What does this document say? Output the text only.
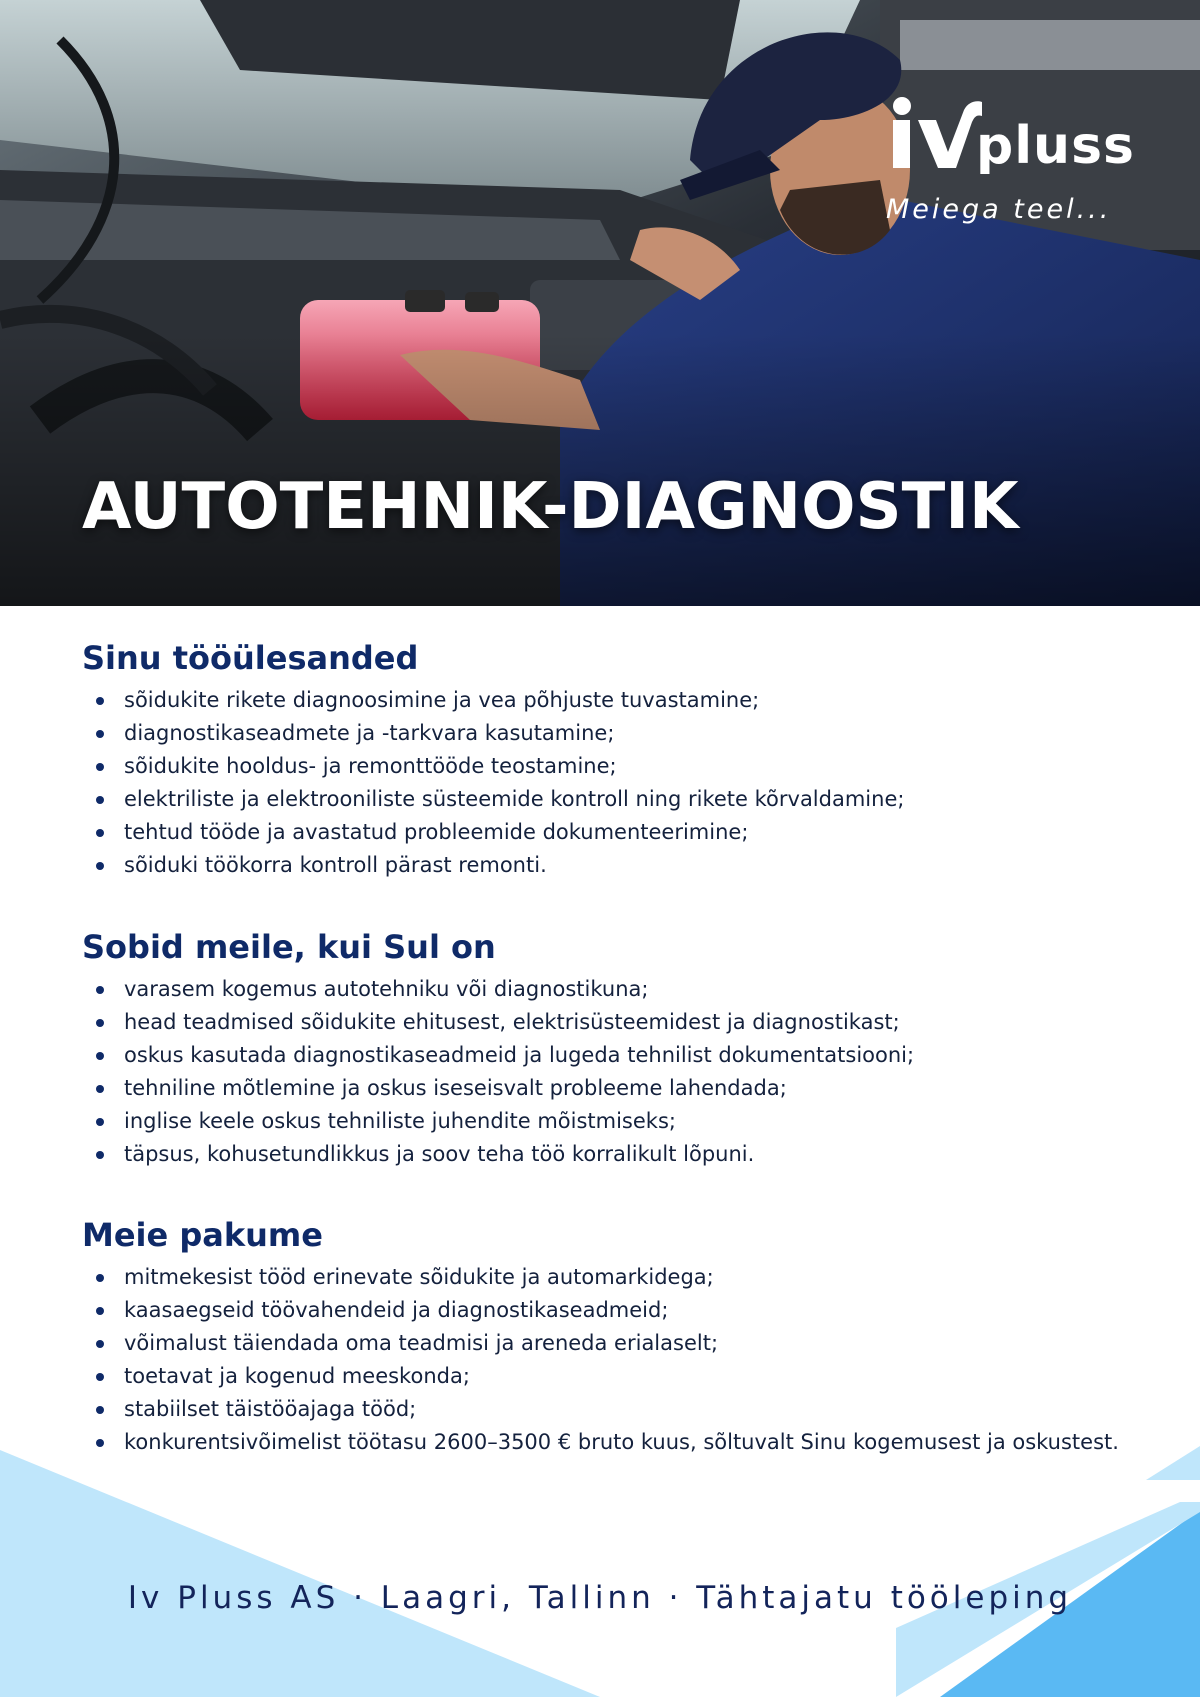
pluss
Meiega teel...
AUTOTEHNIK-DIAGNOSTIK
Sinu tööülesanded
sõidukite rikete diagnoosimine ja vea põhjuste tuvastamine;
diagnostikaseadmete ja -tarkvara kasutamine;
sõidukite hooldus- ja remonttööde teostamine;
elektriliste ja elektrooniliste süsteemide kontroll ning rikete kõrvaldamine;
tehtud tööde ja avastatud probleemide dokumenteerimine;
sõiduki töökorra kontroll pärast remonti.
Sobid meile, kui Sul on
varasem kogemus autotehniku või diagnostikuna;
head teadmised sõidukite ehitusest, elektrisüsteemidest ja diagnostikast;
oskus kasutada diagnostikaseadmeid ja lugeda tehnilist dokumentatsiooni;
tehniline mõtlemine ja oskus iseseisvalt probleeme lahendada;
inglise keele oskus tehniliste juhendite mõistmiseks;
täpsus, kohusetundlikkus ja soov teha töö korralikult lõpuni.
Meie pakume
mitmekesist tööd erinevate sõidukite ja automarkidega;
kaasaegseid töövahendeid ja diagnostikaseadmeid;
võimalust täiendada oma teadmisi ja areneda erialaselt;
toetavat ja kogenud meeskonda;
stabiilset täistööajaga tööd;
konkurentsivõimelist töötasu 2600–3500 € bruto kuus, sõltuvalt Sinu kogemusest ja oskustest.
Iv Pluss AS · Laagri, Tallinn · Tähtajatu tööleping
